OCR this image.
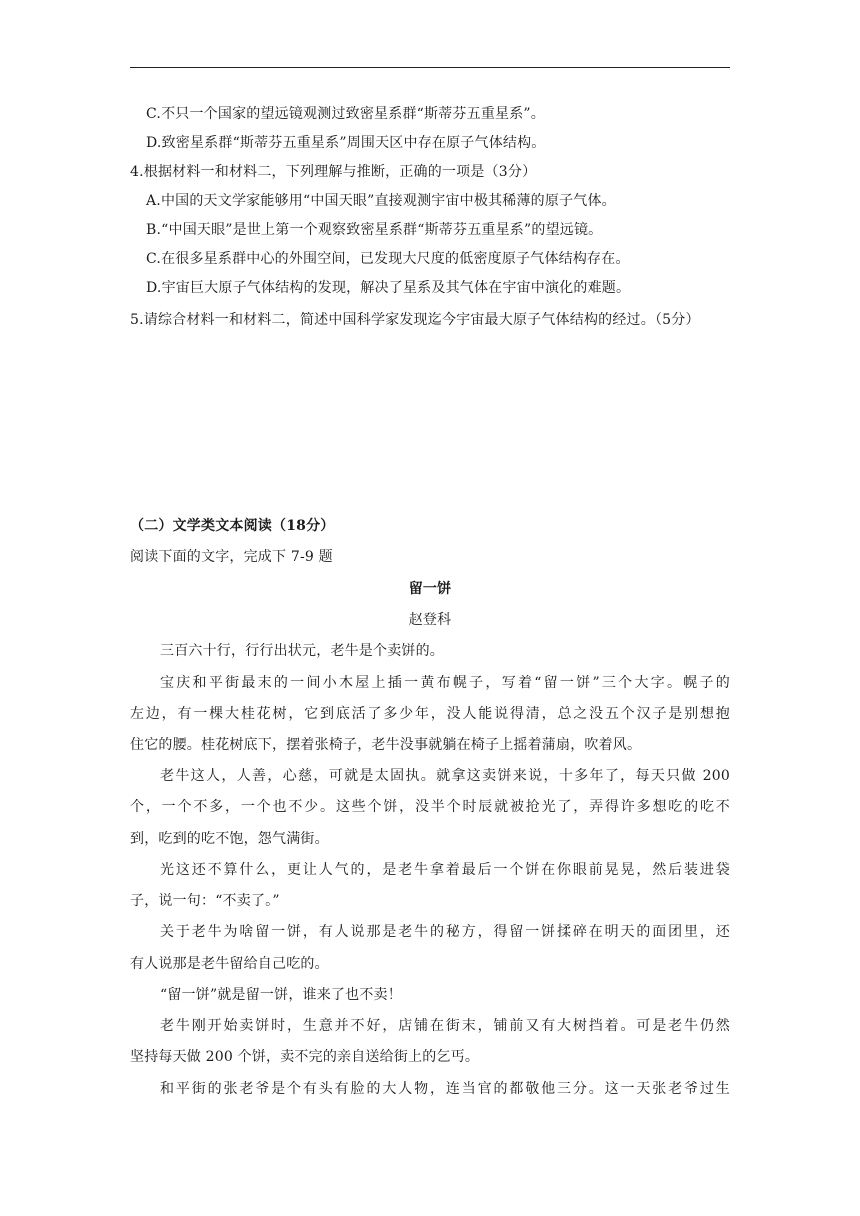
C.不只一个国家的望远镜观测过致密星系群“斯蒂芬五重星系”。
D.致密星系群“斯蒂芬五重星系”周围天区中存在原子气体结构。
4.根据材料一和材料二，下列理解与推断，正确的一项是（3分）
A.中国的天文学家能够用“中国天眼”直接观测宇宙中极其稀薄的原子气体。
B.“中国天眼”是世上第一个观察致密星系群“斯蒂芬五重星系”的望远镜。
C.在很多星系群中心的外围空间，已发现大尺度的低密度原子气体结构存在。
D.宇宙巨大原子气体结构的发现，解决了星系及其气体在宇宙中演化的难题。
5.请综合材料一和材料二，简述中国科学家发现迄今宇宙最大原子气体结构的经过。（5分）
（二）文学类文本阅读（18分）
阅读下面的文字，完成下 7-9 题
留一饼
赵登科
三百六十行，行行出状元，老牛是个卖饼的。
宝庆和平街最末的一间小木屋上插一黄布幌子，写着“留一饼”三个大字。幌子的
左边，有一棵大桂花树，它到底活了多少年，没人能说得清，总之没五个汉子是别想抱
住它的腰。桂花树底下，摆着张椅子，老牛没事就躺在椅子上摇着蒲扇，吹着风。
老牛这人，人善，心慈，可就是太固执。就拿这卖饼来说，十多年了，每天只做 200
个，一个不多，一个也不少。这些个饼，没半个时辰就被抢光了，弄得许多想吃的吃不
到，吃到的吃不饱，怨气满街。
光这还不算什么，更让人气的，是老牛拿着最后一个饼在你眼前晃晃，然后装进袋
子，说一句：“不卖了。”
关于老牛为啥留一饼，有人说那是老牛的秘方，得留一饼揉碎在明天的面团里，还
有人说那是老牛留给自己吃的。
“留一饼”就是留一饼，谁来了也不卖！
老牛刚开始卖饼时，生意并不好，店铺在街末，铺前又有大树挡着。可是老牛仍然
坚持每天做 200 个饼，卖不完的亲自送给街上的乞丐。
和平街的张老爷是个有头有脸的大人物，连当官的都敬他三分。这一天张老爷过生
